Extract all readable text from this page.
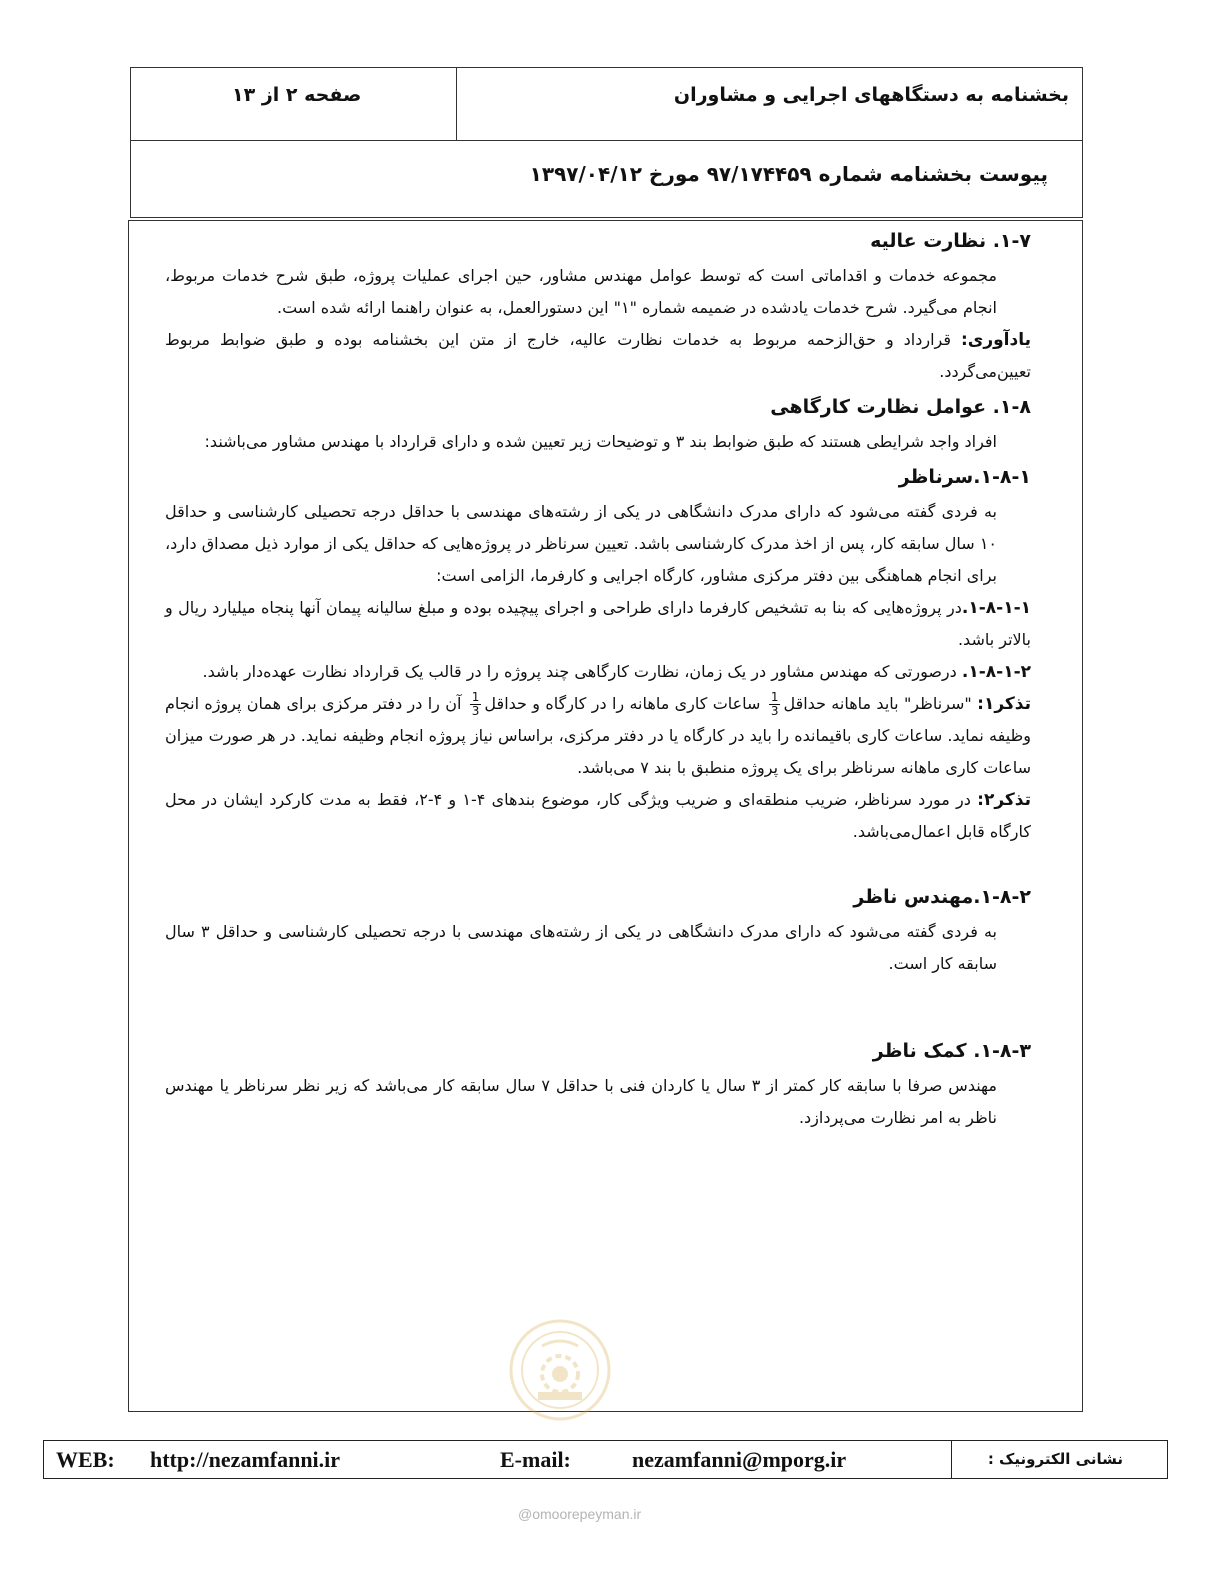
بخشنامه به دستگاههای اجرایی و مشاوران
صفحه ۲ از ۱۳
پیوست بخشنامه شماره ۹۷/۱۷۴۴۵۹ مورخ ۱۳۹۷/۰۴/۱۲
۱-۷. نظارت عالیه

مجموعه خدمات و اقداماتی است که توسط عوامل مهندس مشاور، حین اجرای عملیات پروژه، طبق شرح خدمات مربوط، انجام می‌گیرد. شرح خدمات یادشده در ضمیمه شماره "۱" این دستورالعمل، به عنوان راهنما ارائه شده است.

یادآوری: قرارداد و حق‌الزحمه مربوط به خدمات نظارت عالیه، خارج از متن این بخشنامه بوده و طبق ضوابط مربوط تعیین‌می‌گردد.

۱-۸. عوامل نظارت کارگاهی

افراد واجد شرایطی هستند که طبق ضوابط بند ۳ و توضیحات زیر تعیین شده و دارای قرارداد با مهندس مشاور می‌باشند:

۱-۸-۱.سرناظر

به فردی گفته می‌شود که دارای مدرک دانشگاهی در یکی از رشته‌های مهندسی با حداقل درجه تحصیلی کارشناسی و حداقل ۱۰ سال سابقه کار، پس از اخذ مدرک کارشناسی باشد. تعیین سرناظر در پروژه‌هایی که حداقل یکی از موارد ذیل مصداق دارد، برای انجام هماهنگی بین دفتر مرکزی مشاور، کارگاه اجرایی و کارفرما، الزامی است:

۱-۸-۱-۱.در پروژه‌هایی که بنا به تشخیص کارفرما دارای طراحی و اجرای پیچیده بوده و مبلغ سالیانه پیمان آنها پنجاه میلیارد ریال و بالاتر باشد.

۱-۸-۱-۲. درصورتی که مهندس مشاور در یک زمان، نظارت کارگاهی چند پروژه را در قالب یک قرارداد نظارت عهده‌دار باشد.

تذکر۱: "سرناظر" باید ماهانه حداقل
$\frac{1}{3}$
ساعات کاری ماهانه را در کارگاه و حداقل
$\frac{1}{3}$
آن را در دفتر مرکزی برای همان پروژه انجام وظیفه نماید. ساعات کاری باقیمانده را باید در کارگاه یا در دفتر مرکزی، براساس نیاز پروژه انجام وظیفه نماید. در هر صورت میزان ساعات کاری ماهانه سرناظر برای یک پروژه منطبق با بند ۷ می‌باشد.

تذکر۲: در مورد سرناظر، ضریب منطقه‌ای و ضریب ویژگی کار، موضوع بندهای ۴-۱ و ۴-۲، فقط به مدت کارکرد ایشان در محل کارگاه قابل اعمال‌می‌باشد.

۱-۸-۲.مهندس ناظر

به فردی گفته می‌شود که دارای مدرک دانشگاهی در یکی از رشته‌های مهندسی با درجه تحصیلی کارشناسی و حداقل ۳ سال سابقه کار است.

۱-۸-۳. کمک ناظر

مهندس صرفا با سابقه کار کمتر از ۳ سال یا کاردان فنی با حداقل ۷ سال سابقه کار می‌باشد که زیر نظر سرناظر یا مهندس ناظر به امر نظارت می‌پردازد.

WEB: http://nezamfanni.ir	E-mail:	nezamfanni@mporg.ir	نشانی الکترونیک :
@omoorepeyman.ir
